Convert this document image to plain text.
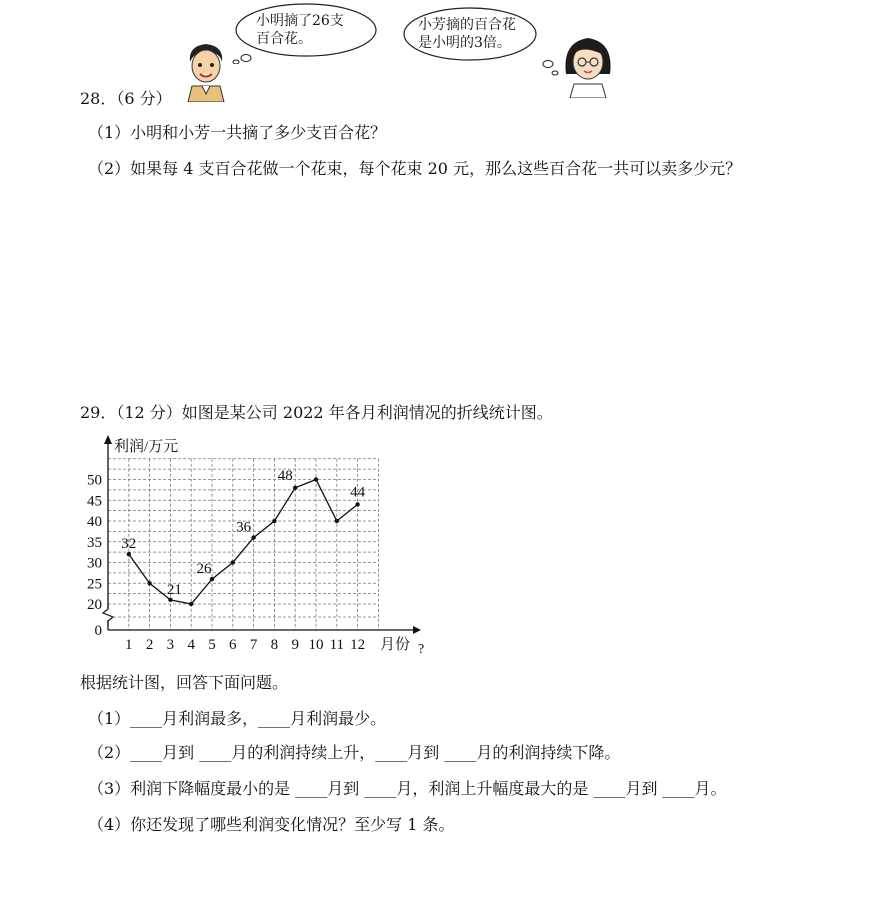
小明摘了26支
百合花。
小芳摘的百合花
是小明的3倍。
28．（6 分）
（1）小明和小芳一共摘了多少支百合花？
（2）如果每 4 支百合花做一个花束，每个花束 20 元，那么这些百合花一共可以卖多少元？
29．（12 分）如图是某公司 2022 年各月利润情况的折线统计图。
0
20
25
30
35
40
45
50
1 2 3 4 5 6 7 8 9 10 11 12
利润/万元
月份 ?
32
21
26
36
48
44
根据统计图，回答下面问题。
（1）____月利润最多，____月利润最少。
（2）____月到 ____月的利润持续上升，____月到 ____月的利润持续下降。
（3）利润下降幅度最小的是 ____月到 ____月，利润上升幅度最大的是 ____月到 ____月。
（4）你还发现了哪些利润变化情况？至少写 1 条。
